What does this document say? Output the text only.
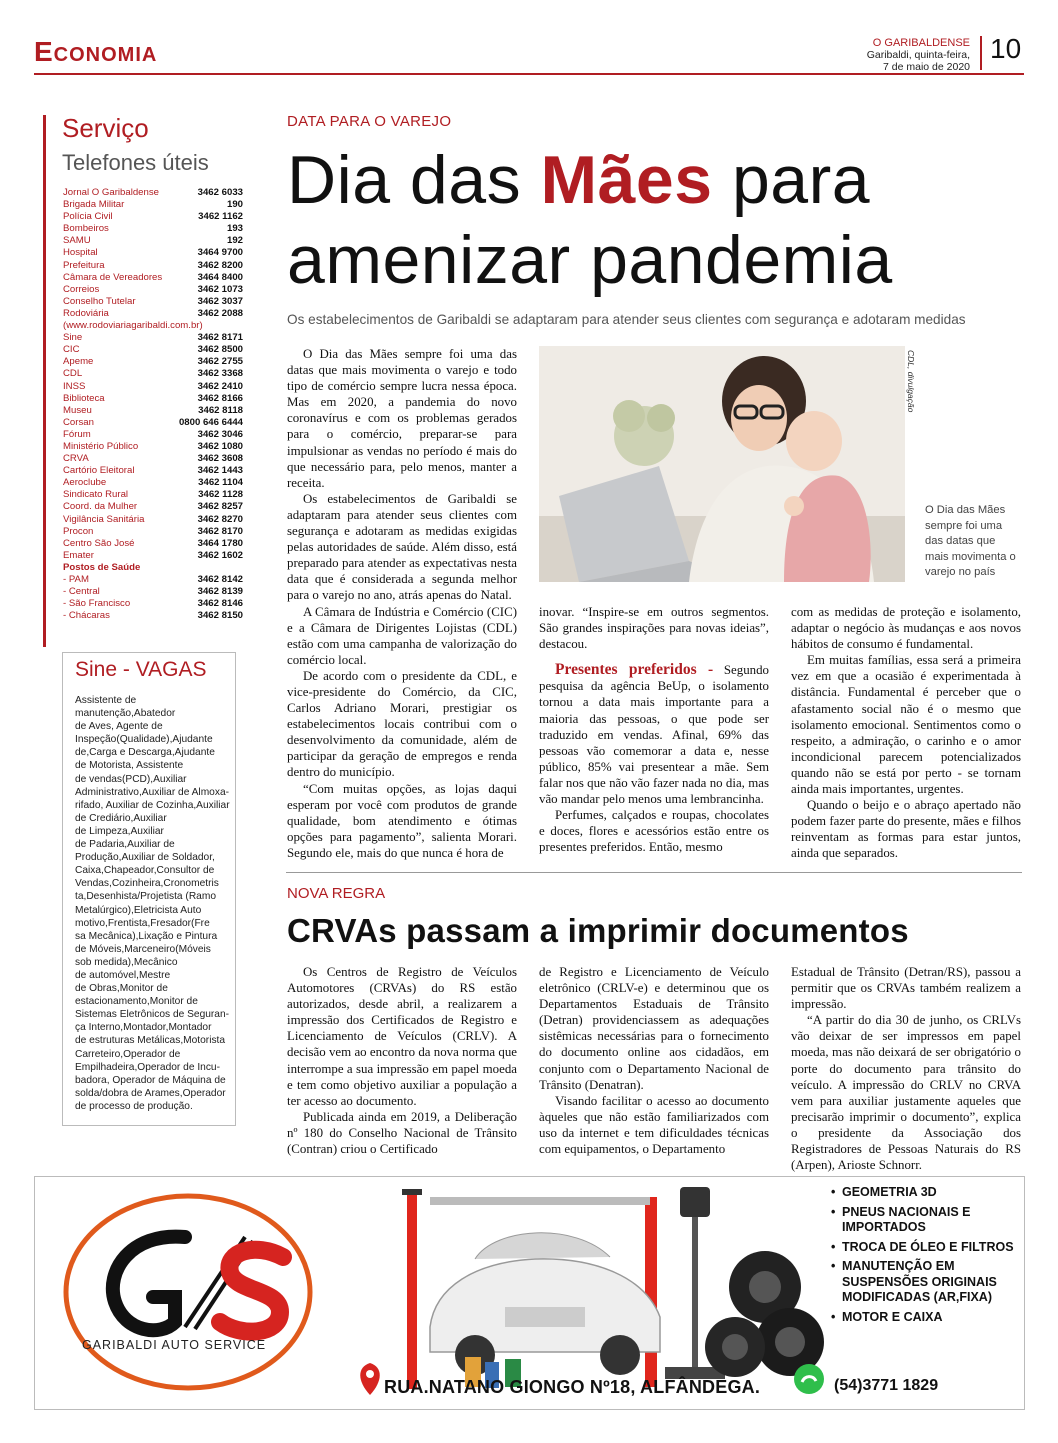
Economia	O GARIBALDENSE
Garibaldi, quinta-feira,
7 de maio de 2020
10
Serviço
Telefones úteis
Jornal O Garibaldense	3462 6033
Brigada Militar	190
Polícia Civil	3462 1162
Bombeiros	193
SAMU	192
Hospital	3464 9700
Prefeitura	3462 8200
Câmara de Vereadores	3464 8400
Correios	3462 1073
Conselho Tutelar	3462 3037
Rodoviária	3462 2088
(www.rodoviariagaribaldi.com.br)
Sine	3462 8171
CIC	3462 8500
Apeme	3462 2755
CDL	3462 3368
INSS	3462 2410
Biblioteca	3462 8166
Museu	3462 8118
Corsan	0800 646 6444
Fórum	3462 3046
Ministério Público	3462 1080
CRVA	3462 3608
Cartório Eleitoral	3462 1443
Aeroclube	3462 1104
Sindicato Rural	3462 1128
Coord. da Mulher	3462 8257
Vigilância Sanitária	3462 8270
Procon	3462 8170
Centro São José	3464 1780
Emater	3462 1602
Postos de Saúde
- PAM	3462 8142
- Central	3462 8139
- São Francisco	3462 8146
- Chácaras	3462 8150
Sine - VAGAS
Assistente de
manutenção,Abatedor
de Aves, Agente de
Inspeção(Qualidade),Ajudante
de,Carga e Descarga,Ajudante
de Motorista, Assistente
de vendas(PCD),Auxiliar
Administrativo,Auxiliar de Almoxa-
rifado, Auxiliar de Cozinha,Auxiliar
de Crediário,Auxiliar
de Limpeza,Auxiliar
de Padaria,Auxiliar de
Produção,Auxiliar de Soldador,
Caixa,Chapeador,Consultor de
Vendas,Cozinheira,Cronometris
ta,Desenhista/Projetista (Ramo
Metalúrgico),Eletricista Auto
motivo,Frentista,Fresador(Fre
sa Mecânica),Lixação e Pintura
de Móveis,Marceneiro(Móveis
sob medida),Mecânico
de automóvel,Mestre
de Obras,Monitor de
estacionamento,Monitor de
Sistemas Eletrônicos de Seguran-
ça Interno,Montador,Montador
de estruturas Metálicas,Motorista
Carreteiro,Operador de
Empilhadeira,Operador de Incu-
badora, Operador de Máquina de
solda/dobra de Arames,Operador
de processo de produção.
DATA PARA O VAREJO
Dia das Mães para
amenizar pandemia
Os estabelecimentos de Garibaldi se adaptaram para atender seus clientes com segurança e adotaram medidas

O Dia das Mães sempre foi uma das datas que mais movimenta o varejo e todo tipo de comércio sempre lucra nessa época. Mas em 2020, a pandemia do novo coronavírus e com os problemas gerados para o comércio, preparar-se para impulsionar as vendas no período é mais do que necessário para, pelo menos, manter a receita.

Os estabelecimentos de Garibaldi se adaptaram para atender seus clientes com segurança e adotaram as medidas exigidas pelas autoridades de saúde. Além disso, está preparado para atender as expectativas nesta data que é considerada a segunda melhor para o varejo no ano, atrás apenas do Natal.

A Câmara de Indústria e Comércio (CIC) e a Câmara de Dirigentes Lojistas (CDL) estão com uma campanha de valorização do comércio local.

De acordo com o presidente da CDL, e vice-presidente do Comércio, da CIC, Carlos Adriano Morari, prestigiar os estabelecimentos locais contribui com o desenvolvimento da comunidade, além de participar da geração de empregos e renda dentro do município.

“Com muitas opções, as lojas daqui esperam por você com produtos de grande qualidade, bom atendimento e ótimas opções para pagamento”, salienta Morari. Segundo ele, mais do que nunca é hora de

CDL, divulgação
O Dia das Mães sempre foi uma das datas que mais movimenta o varejo no país

inovar. “Inspire-se em outros segmentos. São grandes inspirações para novas ideias”, destacou.

Presentes preferidos - Segundo pesquisa da agência BeUp, o isolamento tornou a data mais importante para a maioria das pessoas, o que pode ser traduzido em vendas. Afinal, 69% das pessoas vão comemorar a data e, nesse público, 85% vai presentear a mãe. Sem falar nos que não vão fazer nada no dia, mas vão mandar pelo menos uma lembrancinha.

Perfumes, calçados e roupas, chocolates e doces, flores e acessórios estão entre os presentes preferidos. Então, mesmo

com as medidas de proteção e isolamento, adaptar o negócio às mudanças e aos novos hábitos de consumo é fundamental.

Em muitas famílias, essa será a primeira vez em que a ocasião é experimentada à distância. Fundamental é perceber que o afastamento social não é o mesmo que isolamento emocional. Sentimentos como o respeito, a admiração, o carinho e o amor incondicional parecem potencializados quando não se está por perto - se tornam ainda mais importantes, urgentes.

Quando o beijo e o abraço apertado não podem fazer parte do presente, mães e filhos reinventam as formas para estar juntos, ainda que separados.

NOVA REGRA
CRVAs passam a imprimir documentos

Os Centros de Registro de Veículos Automotores (CRVAs) do RS estão autorizados, desde abril, a realizarem a impressão dos Certificados de Registro e Licenciamento de Veículos (CRLV). A decisão vem ao encontro da nova norma que interrompe a sua impressão em papel moeda e tem como objetivo auxiliar a população a ter acesso ao documento.

Publicada ainda em 2019, a Deliberação nº 180 do Conselho Nacional de Trânsito (Contran) criou o Certificado

de Registro e Licenciamento de Veículo eletrônico (CRLV-e) e determinou que os Departamentos Estaduais de Trânsito (Detran) providenciassem as adequações sistêmicas necessárias para o fornecimento do documento online aos cidadãos, em conjunto com o Departamento Nacional de Trânsito (Denatran).

Visando facilitar o acesso ao documento àqueles que não estão familiarizados com uso da internet e tem dificuldades técnicas com equipamentos, o Departamento

Estadual de Trânsito (Detran/RS), passou a permitir que os CRVAs também realizem a impressão.

“A partir do dia 30 de junho, os CRLVs vão deixar de ser impressos em papel moeda, mas não deixará de ser obrigatório o porte do documento para trânsito do veículo. A impressão do CRLV no CRVA vem para auxiliar justamente aqueles que precisarão imprimir o documento”, explica o presidente da Associação dos Registradores de Pessoas Naturais do RS (Arpen), Arioste Schnorr.

GARIBALDI AUTO SERVICE
• GEOMETRIA 3D
• PNEUS NACIONAIS E IMPORTADOS
• TROCA DE ÓLEO E FILTROS
• MANUTENÇÃO EM SUSPENSÕES ORIGINAIS MODIFICADAS (AR,FIXA)
• MOTOR E CAIXA
RUA.NATANO GIONGO Nº18, ALFÂNDEGA.	(54)3771 1829
